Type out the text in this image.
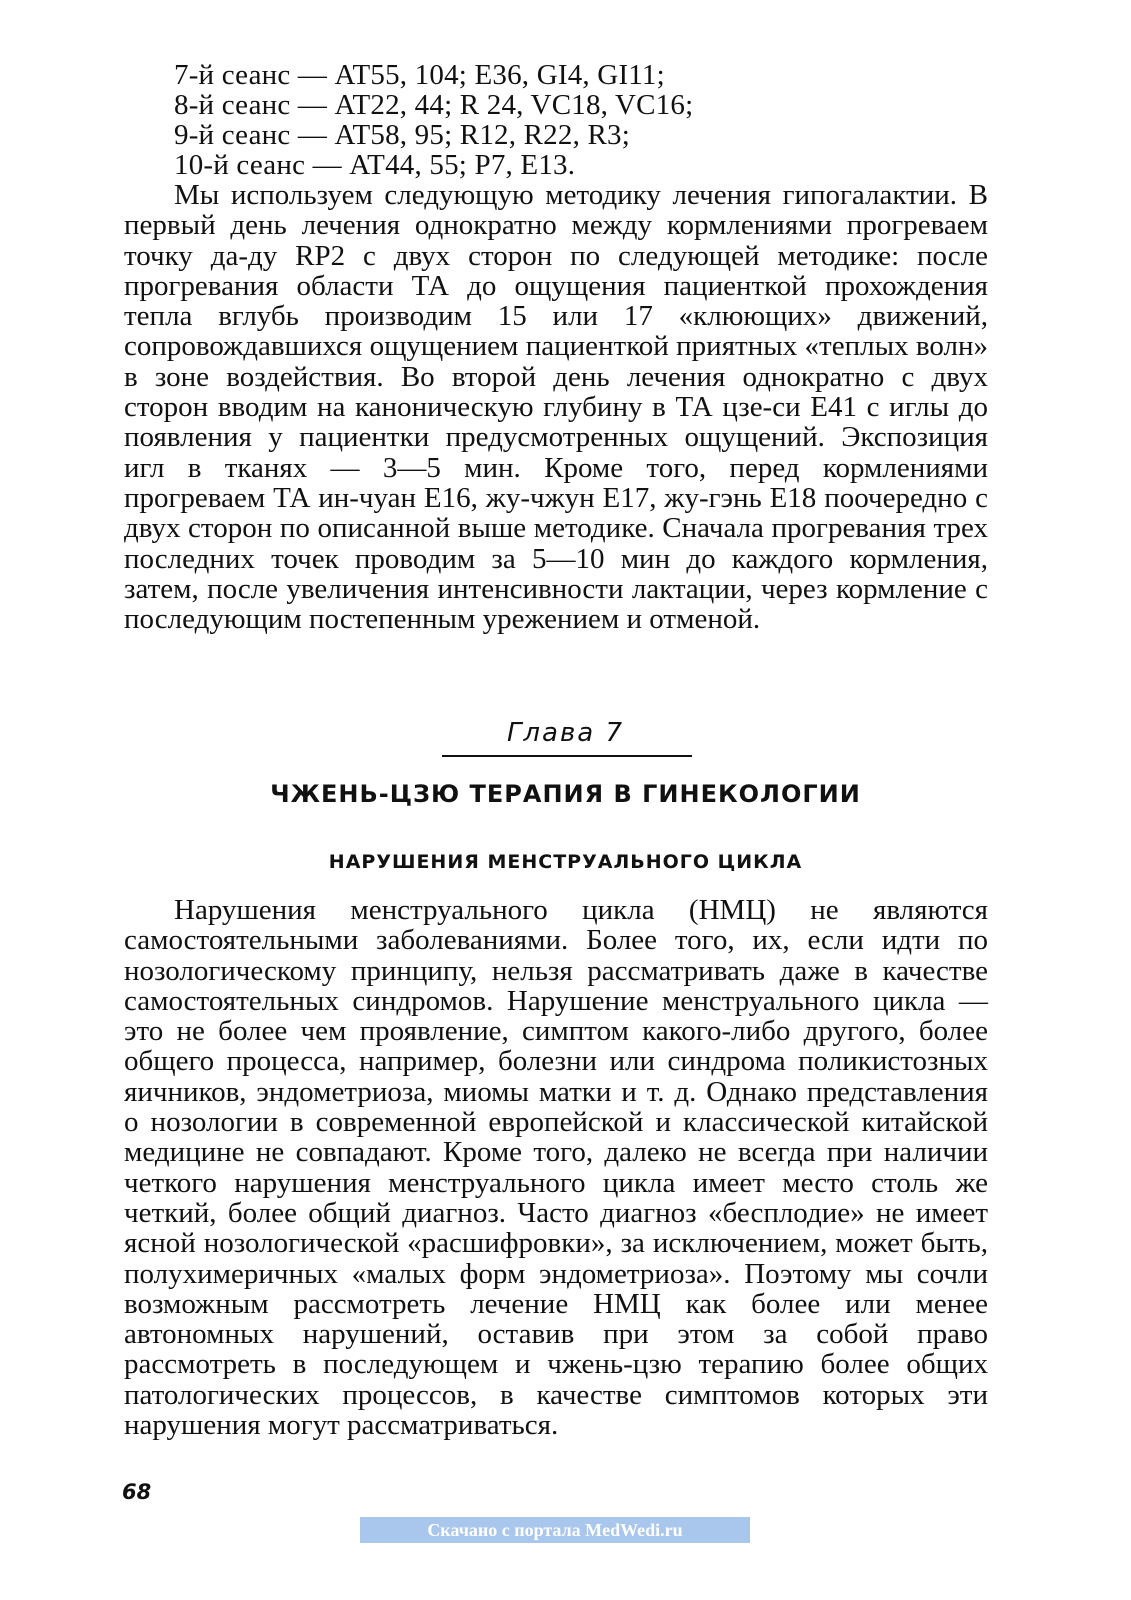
7-й сеанс — AT55, 104; E36, GI4, GI11;
8-й сеанс — AT22, 44; R 24, VC18, VC16;
9-й сеанс — AT58, 95; R12, R22, R3;
10-й сеанс — AT44, 55; P7, E13.

Мы используем следующую методику лечения гипогалактии. В первый день лечения однократно между кормлениями прогреваем точку да-ду RP2 с двух сторон по следующей методике: после прогревания области ТА до ощущения пациенткой прохождения тепла вглубь производим 15 или 17 «клюющих» движений, сопровождавшихся ощущением пациенткой приятных «теплых волн» в зоне воздействия. Во второй день лечения однократно с двух сторон вводим на каноническую глубину в ТА цзе-си Е41 с иглы до появления у пациентки предусмотренных ощущений. Экспозиция игл в тканях — 3—5 мин. Кроме того, перед кормлениями прогреваем ТА ин-чуан Е16, жу-чжун Е17, жу-гэнь Е18 поочередно с двух сторон по описанной выше методике. Сначала прогревания трех последних точек проводим за 5—10 мин до каждого кормления, затем, после увеличения интенсивности лактации, через кормление с последующим постепенным урежением и отменой.

Глава 7
ЧЖЕНЬ-ЦЗЮ ТЕРАПИЯ В ГИНЕКОЛОГИИ
НАРУШЕНИЯ МЕНСТРУАЛЬНОГО ЦИКЛА

Нарушения менструального цикла (НМЦ) не являются самостоятельными заболеваниями. Более того, их, если идти по нозологическому принципу, нельзя рассматривать даже в качестве самостоятельных синдромов. Нарушение менструального цикла — это не более чем проявление, симптом какого-либо другого, более общего процесса, например, болезни или синдрома поликистозных яичников, эндометриоза, миомы матки и т. д. Однако представления о нозологии в современной европейской и классической китайской медицине не совпадают. Кроме того, далеко не всегда при наличии четкого нарушения менструального цикла имеет место столь же четкий, более общий диагноз. Часто диагноз «бесплодие» не имеет ясной нозологической «расшифровки», за исключением, может быть, полухимеричных «малых форм эндометриоза». Поэтому мы сочли возможным рассмотреть лечение НМЦ как более или менее автономных нарушений, оставив при этом за собой право рассмотреть в последующем и чжень-цзю терапию более общих патологических процессов, в качестве симптомов которых эти нарушения могут рассматриваться.

68
Скачано с портала MedWedi.ru
